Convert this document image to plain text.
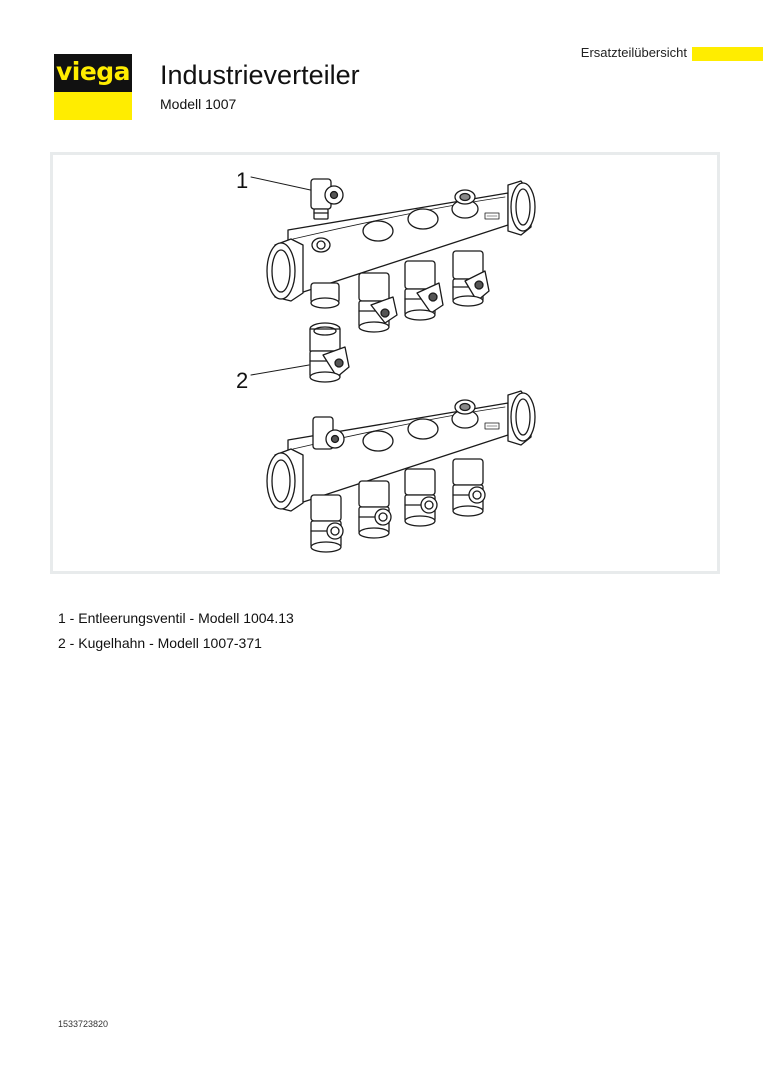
viega Industrieverteiler
Modell 1007
Ersatzteilübersicht
1
2
1 - Entleerungsventil - Modell 1004.13
2 - Kugelhahn - Modell 1007-371
1533723820
